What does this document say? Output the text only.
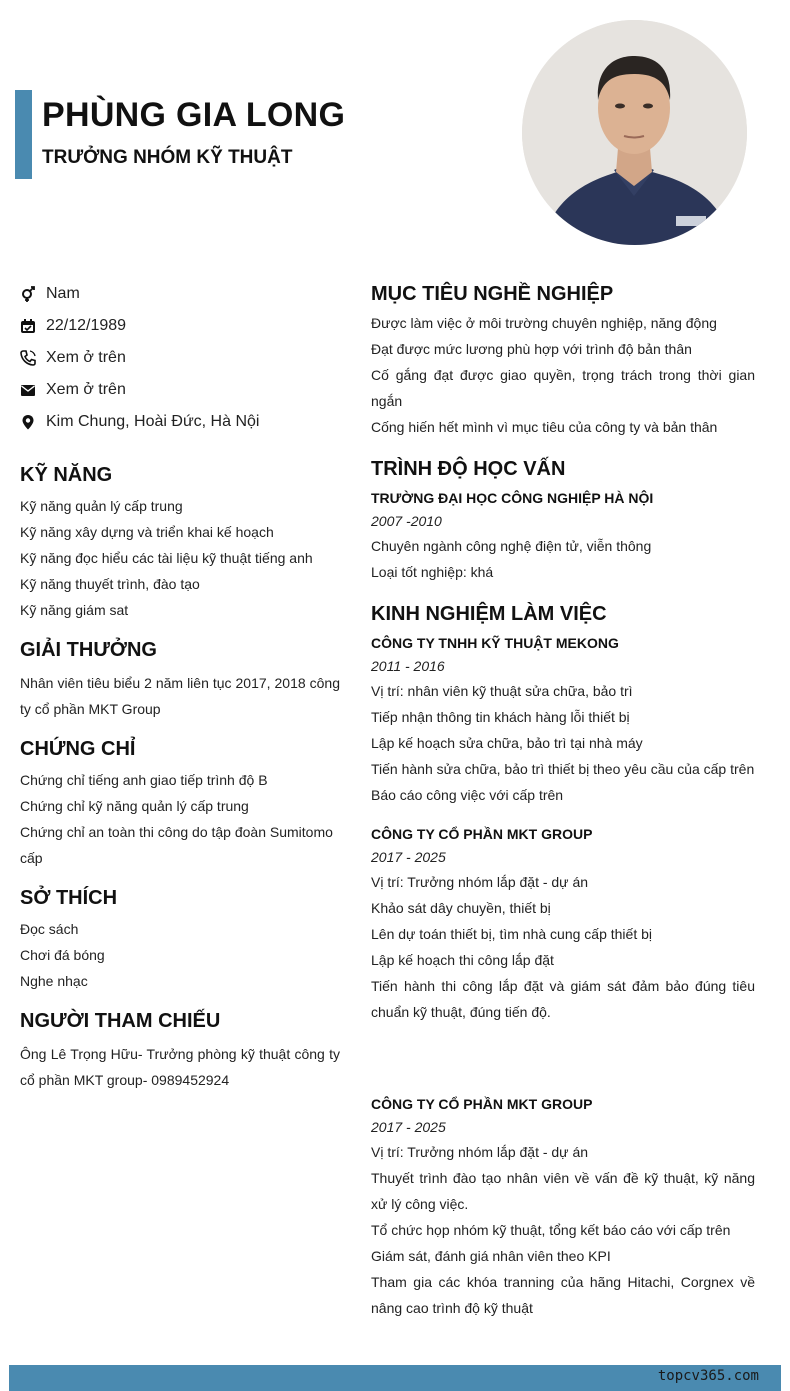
PHÙNG GIA LONG
TRƯỞNG NHÓM KỸ THUẬT
Nam
22/12/1989
Xem ở trên
Xem ở trên
Kim Chung, Hoài Đức, Hà Nội
KỸ NĂNG
Kỹ năng quản lý cấp trung
Kỹ năng xây dựng và triển khai kế hoạch
Kỹ năng đọc hiểu các tài liệu kỹ thuật tiếng anh
Kỹ năng thuyết trình, đào tạo
Kỹ năng giám sat
GIẢI THƯỞNG
Nhân viên tiêu biểu 2 năm liên tục 2017, 2018 công ty cổ phần MKT Group
CHỨNG CHỈ
Chứng chỉ tiếng anh giao tiếp trình độ B
Chứng chỉ kỹ năng quản lý cấp trung
Chứng chỉ an toàn thi công do tập đoàn Sumitomo cấp
SỞ THÍCH
Đọc sách
Chơi đá bóng
Nghe nhạc
NGƯỜI THAM CHIẾU
Ông Lê Trọng Hữu- Trưởng phòng kỹ thuật công ty cổ phần MKT group- 0989452924
MỤC TIÊU NGHỀ NGHIỆP
Được làm việc ở môi trường chuyên nghiệp, năng động
Đạt được mức lương phù hợp với trình độ bản thân
Cố gắng đạt được giao quyền, trọng trách trong thời gian ngắn
Cống hiến hết mình vì mục tiêu của công ty và bản thân
TRÌNH ĐỘ HỌC VẤN
TRƯỜNG ĐẠI HỌC CÔNG NGHIỆP HÀ NỘI
2007 -2010
Chuyên ngành công nghệ điện tử, viễn thông
Loại tốt nghiệp: khá
KINH NGHIỆM LÀM VIỆC
CÔNG TY TNHH KỸ THUẬT MEKONG
2011 - 2016
Vị trí: nhân viên kỹ thuật sửa chữa, bảo trì
Tiếp nhận thông tin khách hàng lỗi thiết bị
Lập kế hoạch sửa chữa, bảo trì tại nhà máy
Tiến hành sửa chữa, bảo trì thiết bị theo yêu cầu của cấp trên
Báo cáo công việc với cấp trên
CÔNG TY CỔ PHẦN MKT GROUP
2017 - 2025
Vị trí: Trưởng nhóm lắp đặt - dự án
Khảo sát dây chuyền, thiết bị
Lên dự toán thiết bị, tìm nhà cung cấp thiết bị
Lập kế hoạch thi công lắp đặt
Tiến hành thi công lắp đặt và giám sát đảm bảo đúng tiêu chuẩn kỹ thuật, đúng tiến độ.
CÔNG TY CỔ PHẦN MKT GROUP
2017 - 2025
Vị trí: Trưởng nhóm lắp đặt - dự án
Thuyết trình đào tạo nhân viên về vấn đề kỹ thuật, kỹ năng xử lý công việc.
Tổ chức họp nhóm kỹ thuật, tổng kết báo cáo với cấp trên
Giám sát, đánh giá nhân viên theo KPI
Tham gia các khóa tranning của hãng Hitachi, Corgnex về nâng cao trình độ kỹ thuật
topcv365.com
